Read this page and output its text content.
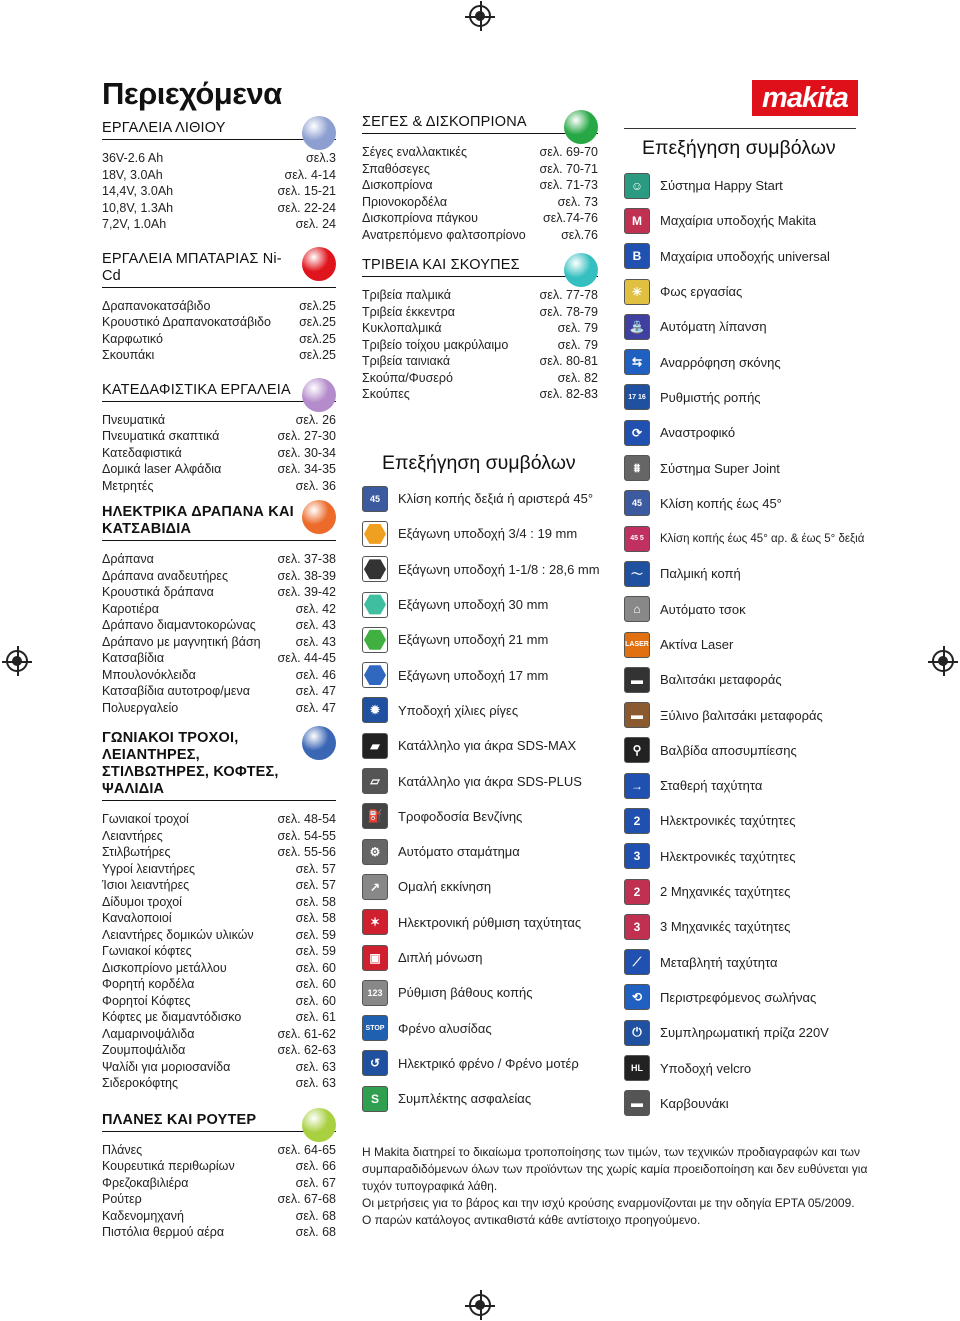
Περιεχόμενα	makita
ΕΡΓΑΛΕΙΑ ΛΙΘΙΟΥ
36V-2.6 Ah	σελ.3
18V, 3.0Ah	σελ. 4-14
14,4V, 3.0Ah	σελ. 15-21
10,8V, 1.3Ah	σελ. 22-24
7,2V, 1.0Ah	σελ. 24
ΕΡΓΑΛΕΙΑ ΜΠΑΤΑΡΙΑΣ Ni-Cd
Δραπανοκατσάβιδο	σελ.25
Κρουστικό Δραπανοκατσάβιδο σελ.25
Καρφωτικό	σελ.25
Σκουπάκι	σελ.25
ΚΑΤΕΔΑΦΙΣΤΙΚΑ ΕΡΓΑΛΕΙΑ
Πνευματικά	σελ. 26
Πνευματικά σκαπτικά	σελ. 27-30
Κατεδαφιστικά	σελ. 30-34
Δομικά laser Αλφάδια	σελ. 34-35
Μετρητές	σελ. 36
ΗΛΕΚΤΡΙΚΑ ΔΡΑΠΑΝΑ ΚΑΙ ΚΑΤΣΑΒΙΔΙΑ
Δράπανα	σελ. 37-38
Δράπανα αναδευτήρες	σελ. 38-39
Κρουστικά δράπανα	σελ. 39-42
Καροτιέρα	σελ. 42
Δράπανο διαμαντοκορώνας	σελ. 43
Δράπανο με μαγνητική βάση	σελ. 43
Κατσαβίδια	σελ. 44-45
Μπουλονόκλειδα	σελ. 46
Κατσαβίδια αυτοτροφ/μενα	σελ. 47
Πολυεργαλείο	σελ. 47
ΓΩΝΙΑΚΟΙ ΤΡΟΧΟΙ, ΛΕΙΑΝΤΗΡΕΣ, ΣΤΙΛΒΩΤΗΡΕΣ, ΚΟΦΤΕΣ, ΨΑΛΙΔΙΑ
Γωνιακοί τροχοί	σελ. 48-54
Λειαντήρες	σελ. 54-55
Στιλβωτήρες	σελ. 55-56
Υγροί λειαντήρες	σελ. 57
Ίσιοι λειαντήρες	σελ. 57
Δίδυμοι τροχοί	σελ. 58
Καναλοποιοί	σελ. 58
Λειαντήρες δομικών υλικών	σελ. 59
Γωνιακοί κόφτες	σελ. 59
Δισκοπρίονο μετάλλου	σελ. 60
Φορητή κορδέλα	σελ. 60
Φορητοί Κόφτες	σελ. 60
Κόφτες με διαμαντόδισκο	σελ. 61
Λαμαρινοψάλιδα	σελ. 61-62
Ζουμποψάλιδα	σελ. 62-63
Ψαλίδι για μοριοσανίδα	σελ. 63
Σιδεροκόφτης	σελ. 63
ΠΛΑΝΕΣ ΚΑΙ ΡΟΥΤΕΡ
Πλάνες	σελ. 64-65
Κουρευτικά περιθωρίων	σελ. 66
Φρεζοκαβιλιέρα	σελ. 67
Ρούτερ	σελ. 67-68
Καδενομηχανή	σελ. 68
Πιστόλια θερμού αέρα	σελ. 68
ΣΕΓΕΣ & ΔΙΣΚΟΠΡΙΟΝΑ
Σέγες εναλλακτικές	σελ. 69-70
Σπαθόσεγες	σελ. 70-71
Δισκοπρίονα	σελ. 71-73
Πριονοκορδέλα	σελ. 73
Δισκοπρίονα πάγκου	σελ.74-76
Ανατρεπόμενο φαλτσοπρίονο	σελ.76
ΤΡΙΒΕΙΑ ΚΑΙ ΣΚΟΥΠΕΣ
Τριβεία παλμικά	σελ. 77-78
Τριβεία έκκεντρα	σελ. 78-79
Κυκλοπαλμικά	σελ. 79
Τριβείο τοίχου μακρύλαιμο	σελ. 79
Τριβεία ταινιακά	σελ. 80-81
Σκούπα/Φυσερό	σελ. 82
Σκούπες	σελ. 82-83
Επεξήγηση συμβόλων
45	Κλίση κοπής δεξιά ή αριστερά 45°
Εξάγωνη υποδοχή 3/4 : 19 mm
Εξάγωνη υποδοχή 1-1/8 : 28,6 mm
Εξάγωνη υποδοχή 30 mm
Εξάγωνη υποδοχή 21 mm
Εξάγωνη υποδοχή 17 mm
✹	Υποδοχή χίλιες ρίγες
▰	Κατάλληλο για άκρα SDS-MAX
▱	Κατάλληλο για άκρα SDS-PLUS
⛽	Τροφοδοσία Βενζίνης
⚙	Αυτόματο σταμάτημα
↗	Ομαλή εκκίνηση
✶	Ηλεκτρονική ρύθμιση ταχύτητας
▣	Διπλή μόνωση
123	Ρύθμιση βάθους κοπής
STOP Φρένο αλυσίδας
↺	Ηλεκτρικό φρένο / Φρένο μοτέρ
S	Συμπλέκτης ασφαλείας
Επεξήγηση συμβόλων
☺	Σύστημα Happy Start
M	Μαχαίρια υποδοχής Makita
B	Μαχαίρια υποδοχής universal
☀	Φως εργασίας
⛲	Αυτόματη λίπανση
⇆	Αναρρόφηση σκόνης
17 16	Ρυθμιστής ροπής
⟳	Αναστροφικό
⩩	Σύστημα Super Joint
45	Κλίση κοπής έως 45°
45 5	Κλίση κοπής έως 45° αρ. & έως 5° δεξιά
〜	Παλμική κοπή
⌂	Αυτόματο τσοκ
LASER Ακτίνα Laser
▬	Βαλιτσάκι μεταφοράς
▬	Ξύλινο βαλιτσάκι μεταφοράς
⚲	Βαλβίδα αποσυμπίεσης
→	Σταθερή ταχύτητα
2	Ηλεκτρονικές ταχύτητες
3	Ηλεκτρονικές ταχύτητες
2	2 Μηχανικές ταχύτητες
3	3 Μηχανικές ταχύτητες
⟋	Μεταβλητή ταχύτητα
⟲	Περιστρεφόμενος σωλήνας
⏻	Συμπληρωματική πρίζα 220V
HL	Υποδοχή velcro
▬	Καρβουνάκι

Η Makita διατηρεί το δικαίωμα τροποποίησης των τιμών, των τεχνικών προδιαγραφών και των συμπαραδιδόμενων όλων των προϊόντων της χωρίς καμία προειδοποίηση και δεν ευθύνεται για τυχόν τυπογραφικά λάθη.

Οι μετρήσεις για το βάρος και την ισχύ κρούσης εναρμονίζονται με την οδηγία EPTA 05/2009.

Ο παρών κατάλογος αντικαθιστά κάθε αντίστοιχο προηγούμενο.
